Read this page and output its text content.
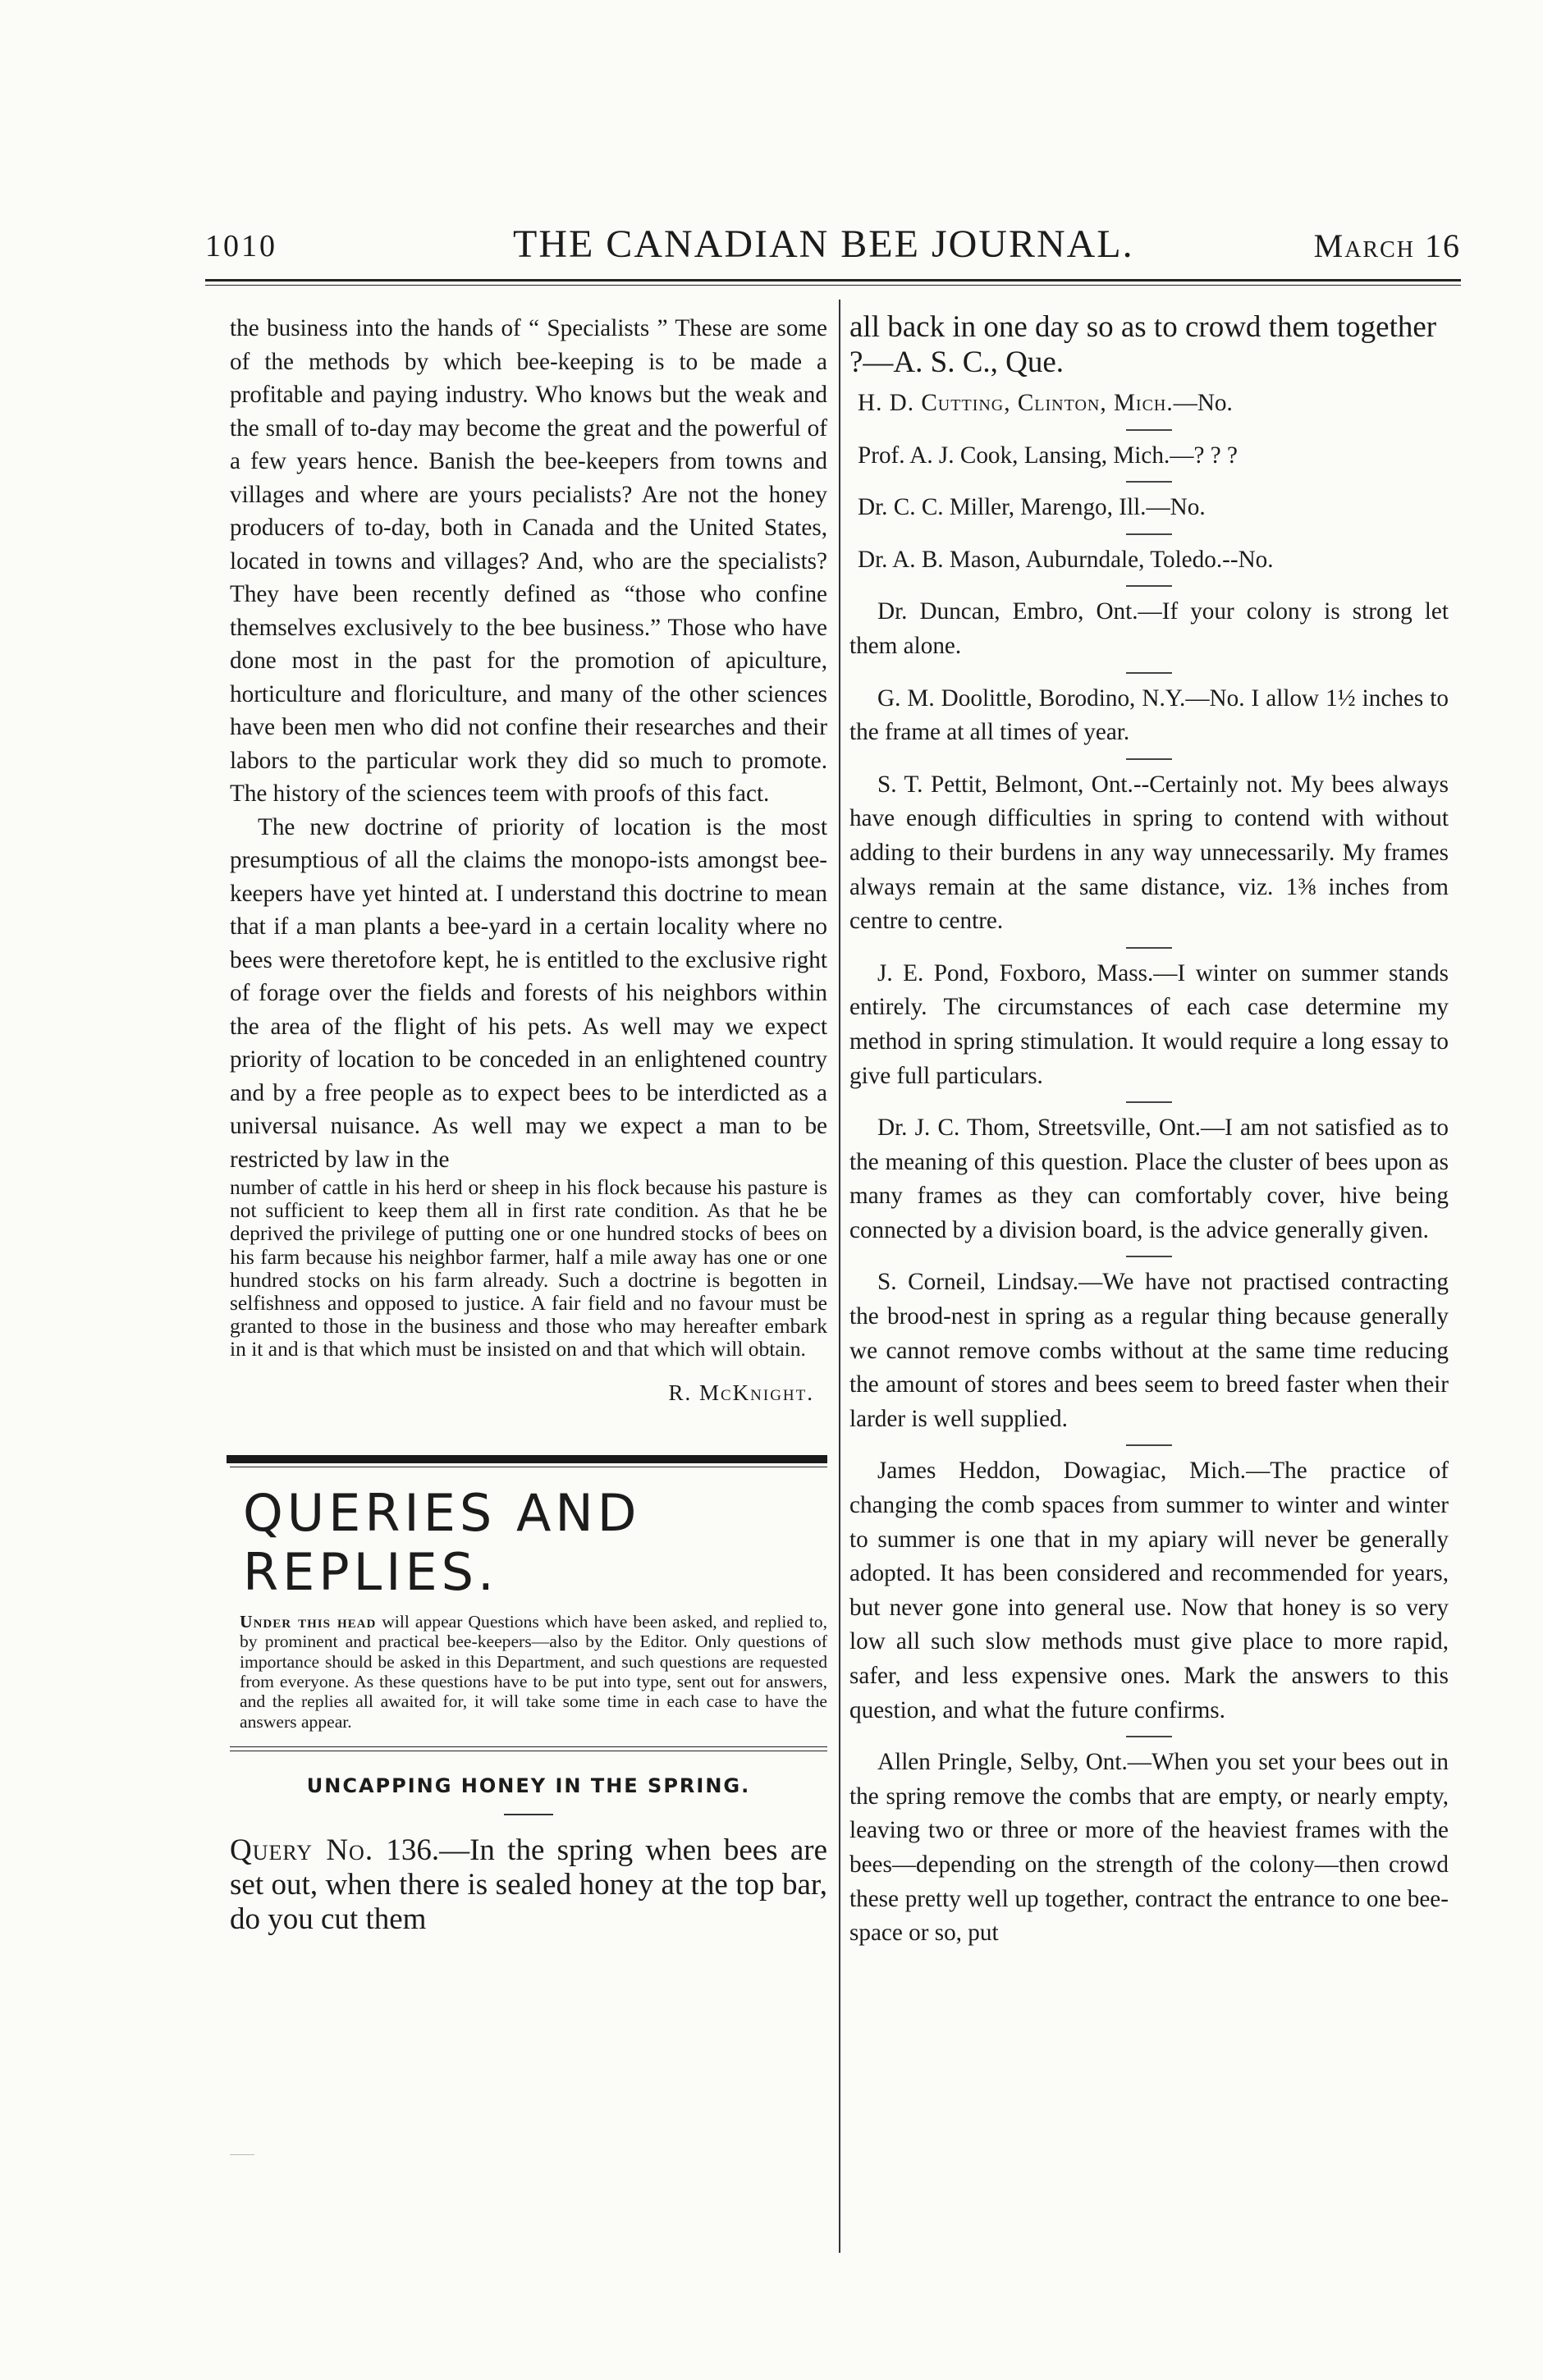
1010	THE CANADIAN BEE JOURNAL.	March 16

the business into the hands of “ Specialists ” These are some of the methods by which bee-keeping is to be made a profitable and paying industry. Who knows but the weak and the small of to-day may become the great and the powerful of a few years hence. Banish the bee-keepers from towns and villages and where are yours pecialists? Are not the honey producers of to-day, both in Canada and the United States, located in towns and villages? And, who are the specialists? They have been recently defined as “those who confine themselves exclusively to the bee business.” Those who have done most in the past for the promotion of apiculture, horticulture and floriculture, and many of the other sciences have been men who did not confine their researches and their labors to the particular work they did so much to promote. The history of the sciences teem with proofs of this fact.

The new doctrine of priority of location is the most presumptious of all the claims the monopo-ists amongst bee-keepers have yet hinted at. I understand this doctrine to mean that if a man plants a bee-yard in a certain locality where no bees were theretofore kept, he is entitled to the exclusive right of forage over the fields and forests of his neighbors within the area of the flight of his pets. As well may we expect priority of location to be conceded in an enlightened country and by a free people as to expect bees to be interdicted as a universal nuisance. As well may we expect a man to be restricted by law in the

number of cattle in his herd or sheep in his flock because his pasture is not sufficient to keep them all in first rate condition. As that he be deprived the privilege of putting one or one hundred stocks of bees on his farm because his neighbor farmer, half a mile away has one or one hundred stocks on his farm already. Such a doctrine is begotten in selfishness and opposed to justice. A fair field and no favour must be granted to those in the business and those who may hereafter embark in it and is that which must be insisted on and that which will obtain.

R. McKnight.

QUERIES AND REPLIES.

Under this head will appear Questions which have been asked, and replied to, by prominent and practical bee-keepers—also by the Editor. Only questions of importance should be asked in this Department, and such questions are requested from everyone. As these questions have to be put into type, sent out for answers, and the replies all awaited for, it will take some time in each case to have the answers appear.

UNCAPPING HONEY IN THE SPRING.

Query No. 136.—In the spring when bees are set out, when there is sealed honey at the top bar, do you cut them

all back in one day so as to crowd them together ?—A. S. C., Que.

H. D. Cutting, Clinton, Mich.—No.

Prof. A. J. Cook, Lansing, Mich.—? ? ?

Dr. C. C. Miller, Marengo, Ill.—No.

Dr. A. B. Mason, Auburndale, Toledo.--No.

Dr. Duncan, Embro, Ont.—If your colony is strong let them alone.

G. M. Doolittle, Borodino, N.Y.—No. I allow 1½ inches to the frame at all times of year.

S. T. Pettit, Belmont, Ont.--Certainly not. My bees always have enough difficulties in spring to contend with without adding to their burdens in any way unnecessarily. My frames always remain at the same distance, viz. 1⅜ inches from centre to centre.

J. E. Pond, Foxboro, Mass.—I winter on summer stands entirely. The circumstances of each case determine my method in spring stimulation. It would require a long essay to give full particulars.

Dr. J. C. Thom, Streetsville, Ont.—I am not satisfied as to the meaning of this question. Place the cluster of bees upon as many frames as they can comfortably cover, hive being connected by a division board, is the advice generally given.

S. Corneil, Lindsay.—We have not practised contracting the brood-nest in spring as a regular thing because generally we cannot remove combs without at the same time reducing the amount of stores and bees seem to breed faster when their larder is well supplied.

James Heddon, Dowagiac, Mich.—The practice of changing the comb spaces from summer to winter and winter to summer is one that in my apiary will never be generally adopted. It has been considered and recommended for years, but never gone into general use. Now that honey is so very low all such slow methods must give place to more rapid, safer, and less expensive ones. Mark the answers to this question, and what the future confirms.

Allen Pringle, Selby, Ont.—When you set your bees out in the spring remove the combs that are empty, or nearly empty, leaving two or three or more of the heaviest frames with the bees—depending on the strength of the colony—then crowd these pretty well up together, contract the entrance to one bee-space or so, put
